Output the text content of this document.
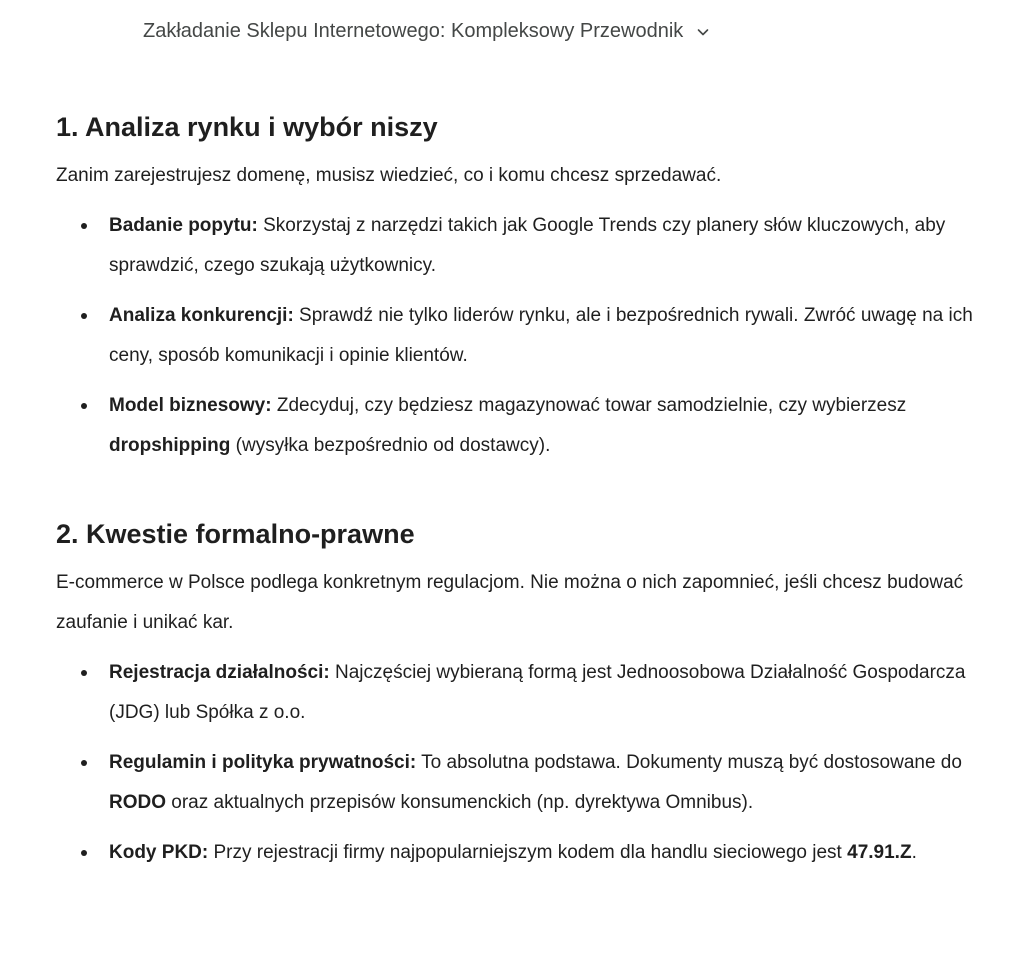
Zakładanie Sklepu Internetowego: Kompleksowy Przewodnik
1. Analiza rynku i wybór niszy

Zanim zarejestrujesz domenę, musisz wiedzieć, co i komu chcesz sprzedawać.

Badanie popytu: Skorzystaj z narzędzi takich jak Google Trends czy planery słów kluczowych, aby sprawdzić, czego szukają użytkownicy.
Analiza konkurencji: Sprawdź nie tylko liderów rynku, ale i bezpośrednich rywali. Zwróć uwagę na ich ceny, sposób komunikacji i opinie klientów.
Model biznesowy: Zdecyduj, czy będziesz magazynować towar samodzielnie, czy wybierzesz dropshipping (wysyłka bezpośrednio od dostawcy).
2. Kwestie formalno-prawne

E-commerce w Polsce podlega konkretnym regulacjom. Nie można o nich zapomnieć, jeśli chcesz budować zaufanie i unikać kar.

Rejestracja działalności: Najczęściej wybieraną formą jest Jednoosobowa Działalność Gospodarcza (JDG) lub Spółka z o.o.
Regulamin i polityka prywatności: To absolutna podstawa. Dokumenty muszą być dostosowane do RODO oraz aktualnych przepisów konsumenckich (np. dyrektywa Omnibus).
Kody PKD: Przy rejestracji firmy najpopularniejszym kodem dla handlu sieciowego jest 47.91.Z.
